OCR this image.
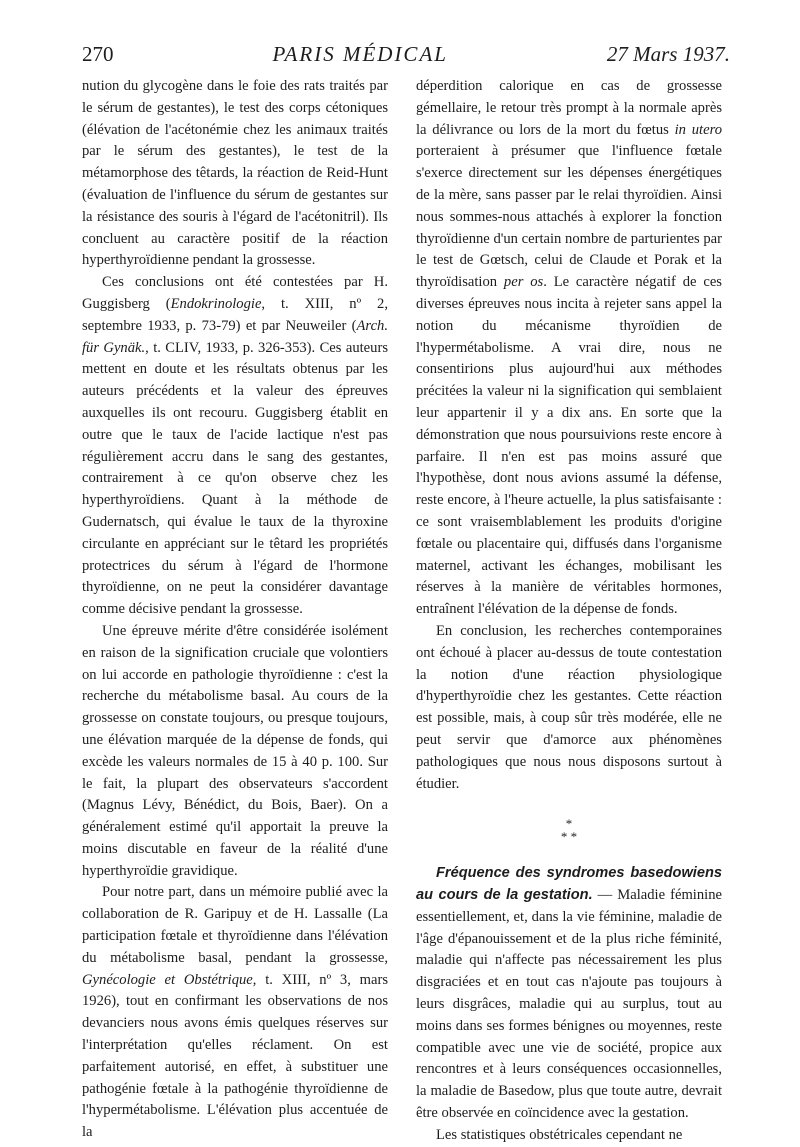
270	PARIS MÉDICAL	27 Mars 1937.

nution du glycogène dans le foie des rats traités par le sérum de gestantes), le test des corps cétoniques (élévation de l'acétonémie chez les animaux traités par le sérum des gestantes), le test de la métamorphose des têtards, la réaction de Reid-Hunt (évaluation de l'influence du sérum de gestantes sur la résistance des souris à l'égard de l'acétonitril). Ils concluent au caractère positif de la réaction hyperthyroïdienne pendant la grossesse.

Ces conclusions ont été contestées par H. Guggisberg (Endokrinologie, t. XIII, nº 2, septembre 1933, p. 73-79) et par Neuweiler (Arch. für Gynäk., t. CLIV, 1933, p. 326-353). Ces auteurs mettent en doute et les résultats obtenus par les auteurs précédents et la valeur des épreuves auxquelles ils ont recouru. Guggisberg établit en outre que le taux de l'acide lactique n'est pas régulièrement accru dans le sang des gestantes, contrairement à ce qu'on observe chez les hyperthyroïdiens. Quant à la méthode de Gudernatsch, qui évalue le taux de la thyroxine circulante en appréciant sur le têtard les propriétés protectrices du sérum à l'égard de l'hormone thyroïdienne, on ne peut la considérer davantage comme décisive pendant la grossesse.

Une épreuve mérite d'être considérée isolément en raison de la signification cruciale que volontiers on lui accorde en pathologie thyroïdienne : c'est la recherche du métabolisme basal. Au cours de la grossesse on constate toujours, ou presque toujours, une élévation marquée de la dépense de fonds, qui excède les valeurs normales de 15 à 40 p. 100. Sur le fait, la plupart des observateurs s'accordent (Magnus Lévy, Bénédict, du Bois, Baer). On a généralement estimé qu'il apportait la preuve la moins discutable en faveur de la réalité d'une hyperthyroïdie gravidique.

Pour notre part, dans un mémoire publié avec la collaboration de R. Garipuy et de H. Lassalle (La participation fœtale et thyroïdienne dans l'élévation du métabolisme basal, pendant la grossesse, Gynécologie et Obstétrique, t. XIII, nº 3, mars 1926), tout en confirmant les observations de nos devanciers nous avons émis quelques réserves sur l'interprétation qu'elles réclament. On est parfaitement autorisé, en effet, à substituer une pathogénie fœtale à la pathogénie thyroïdienne de l'hypermétabolisme. L'élévation plus accentuée de la

déperdition calorique en cas de grossesse gémellaire, le retour très prompt à la normale après la délivrance ou lors de la mort du fœtus in utero porteraient à présumer que l'influence fœtale s'exerce directement sur les dépenses énergétiques de la mère, sans passer par le relai thyroïdien. Ainsi nous sommes-nous attachés à explorer la fonction thyroïdienne d'un certain nombre de parturientes par le test de Gœtsch, celui de Claude et Porak et la thyroïdisation per os. Le caractère négatif de ces diverses épreuves nous incita à rejeter sans appel la notion du mécanisme thyroïdien de l'hypermétabolisme. A vrai dire, nous ne consentirions plus aujourd'hui aux méthodes précitées la valeur ni la signification qui semblaient leur appartenir il y a dix ans. En sorte que la démonstration que nous poursuivions reste encore à parfaire. Il n'en est pas moins assuré que l'hypothèse, dont nous avions assumé la défense, reste encore, à l'heure actuelle, la plus satisfaisante : ce sont vraisemblablement les produits d'origine fœtale ou placentaire qui, diffusés dans l'organisme maternel, activant les échanges, mobilisant les réserves à la manière de véritables hormones, entraînent l'élévation de la dépense de fonds.

En conclusion, les recherches contemporaines ont échoué à placer au-dessus de toute contestation la notion d'une réaction physiologique d'hyperthyroïdie chez les gestantes. Cette réaction est possible, mais, à coup sûr très modérée, elle ne peut servir que d'amorce aux phénomènes pathologiques que nous nous disposons surtout à étudier.

*
* *

Fréquence des syndromes basedowiens au cours de la gestation. — Maladie féminine essentiellement, et, dans la vie féminine, maladie de l'âge d'épanouissement et de la plus riche féminité, maladie qui n'affecte pas nécessairement les plus disgraciées et en tout cas n'ajoute pas toujours à leurs disgrâces, maladie qui au surplus, tout au moins dans ses formes bénignes ou moyennes, reste compatible avec une vie de société, propice aux rencontres et à leurs conséquences occasionnelles, la maladie de Basedow, plus que toute autre, devrait être observée en coïncidence avec la gestation.

Les statistiques obstétricales cependant ne
